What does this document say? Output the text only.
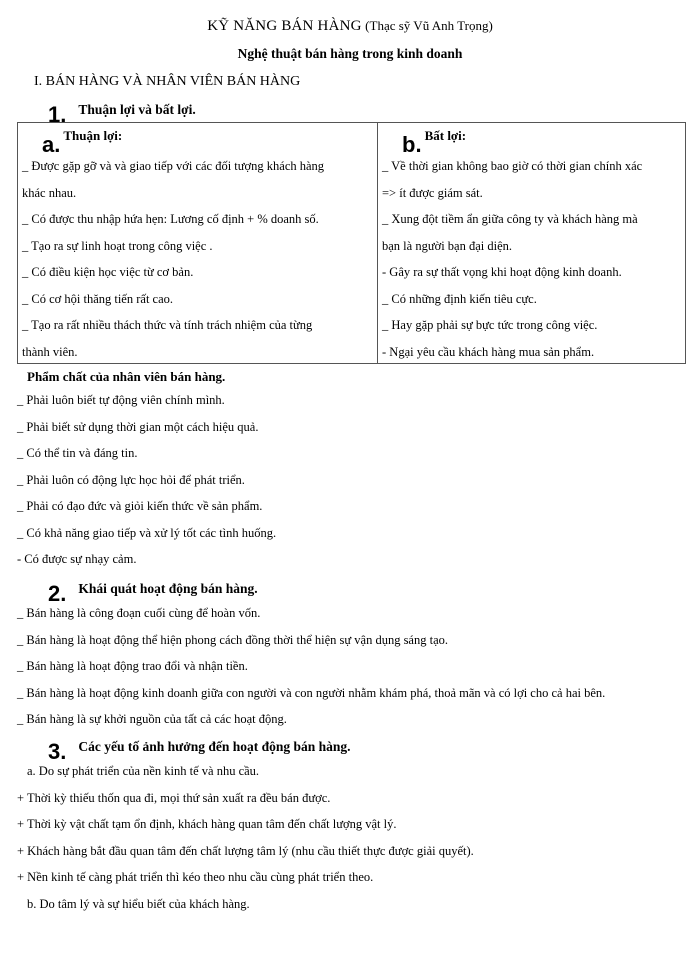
KỸ NĂNG BÁN HÀNG (Thạc sỹ Vũ Anh Trọng)
Nghệ thuật bán hàng trong kinh doanh
I. BÁN HÀNG VÀ NHÂN VIÊN BÁN HÀNG
1. Thuận lợi và bất lợi.
a. Thuận lợi:
_ Được gặp gỡ và và giao tiếp với các đối tượng khách hàng
khác nhau.
_ Có được thu nhập hứa hẹn: Lương cố định + % doanh số.
_ Tạo ra sự linh hoạt trong công việc .
_ Có điều kiện học việc từ cơ bản.
_ Có cơ hội thăng tiến rất cao.
_ Tạo ra rất nhiều thách thức và tính trách nhiệm của từng
thành viên.
b. Bất lợi:
_ Về thời gian không bao giờ có thời gian chính xác
=> ít được giám sát.
_ Xung đột tiềm ẩn giữa công ty và khách hàng mà
bạn là người bạn đại diện.
- Gây ra sự thất vọng khi hoạt động kinh doanh.
_ Có những định kiến tiêu cực.
_ Hay gặp phải sự bực tức trong công việc.
- Ngại yêu cầu khách hàng mua sản phẩm.
Phẩm chất của nhân viên bán hàng.
_ Phải luôn biết tự động viên chính mình.
_ Phải biết sử dụng thời gian một cách hiệu quả.
_ Có thể tin và đáng tin.
_ Phải luôn có động lực học hỏi để phát triển.
_ Phải có đạo đức và giỏi kiến thức về sản phẩm.
_ Có khả năng giao tiếp và xử lý tốt các tình huống.
- Có được sự nhạy cảm.
2. Khái quát hoạt động bán hàng.
_ Bán hàng là công đoạn cuối cùng để hoàn vốn.
_ Bán hàng là hoạt động thể hiện phong cách đồng thời thể hiện sự vận dụng sáng tạo.
_ Bán hàng là hoạt động trao đổi và nhận tiền.
_ Bán hàng là hoạt động kinh doanh giữa con người và con người nhằm khám phá, thoả mãn và có lợi cho cả hai bên.
_ Bán hàng là sự khởi nguồn của tất cả các hoạt động.
3. Các yếu tố ảnh hưởng đến hoạt động bán hàng.
a. Do sự phát triển của nền kinh tế và nhu cầu.
+ Thời kỳ thiếu thốn qua đi, mọi thứ sản xuất ra đều bán được.
+ Thời kỳ vật chất tạm ổn định, khách hàng quan tâm đến chất lượng vật lý.
+ Khách hàng bắt đầu quan tâm đến chất lượng tâm lý (nhu cầu thiết thực được giải quyết).
+ Nền kinh tế càng phát triển thì kéo theo nhu cầu cùng phát triển theo.
b. Do tâm lý và sự hiểu biết của khách hàng.
